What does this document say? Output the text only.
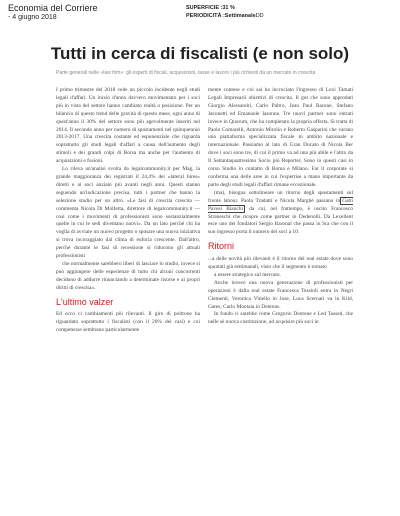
Economia del Corriere
- 4 giugno 2018
SUPERFICIE :31 %
PERIODICITÀ :SettimanaleDD
Tutti in cerca di fiscalisti (e non solo)
Parte generali nelle «law firm»: gli esperti di fiscali, acquisizioni, tasse e lavoro i più richiesti da un mercato in crescita

I primo trimestre del 2018 vede un piccolo incidente negli studi legali d'affari. Un inizio d'anno davvero movimentato per i soci più in vista del settore hanno cambiato realtà o posizione. Per un bilancio di questo trend delle gravità di questo mese, ogni anno di quest'anno il 30% del settore sono più agevolmente inseriti nel 2014. Il secondo anno per numero di spostamenti nel quinquennio 2013-2017. Una crescita costante ed esponenziale che riguarda soprattutto gli studi legali d'affari a causa dell'aumento degli stimoli e dei grandi colpi di Borsa ma anche per l'aumento di acquisizioni e fusioni.

Lo rileva un'analisi svolta da legalcommunity.it per Mag, la grande maggioranza dei registrati il 24,4% dei «lateral hires» diretti e ai soci anziani più avanti negli anni. Questi stanno seguendo un'indicazione precisa, tutti i partner che hanno la selezione studio per un altro. «Le fasi di crescita crescita — commenta Nicola Di Molfetta, direttore di legalcommunity.it — così come i movimenti di professionisti sono sostanzialmente quelle in cui le sedi diventano nuovi». Da un lato perché chi ha voglia di avviare un nuovo progetto o sposare una nuova iniziativa si trova incoraggiato dal clima di euforia crescente. Dall'altro, perché durante le fasi di recessione si riducono gli attuali professionisti

che normalmente sarebbero liberi di lasciare lo studio, invece si può aggiungere delle esperienze di tutto chi alcuni concorrenti decidono di addurre rinunciando a determinate risorse e ai propri diritti di crescita».

L'ultimo valzer

Ed ecco ci cambiamenti più rilevanti. Il giro di poltrone ha riguardato soprattutto i fiscalisti (con il 20% dei casi) e coi competenze sembrano particolarmente

mente contese e coi sai ha incrociato l'ingresso di Lexi Tamati Legali Impresarii obiettivi di crescita. Il gut che sono approdati Giorgio Alessandri, Carlo Paltro, Jean Paul Barone, Stefano Jaconetti ed Emanuele Iasonne. Tre nuovi partner sono entrati invece in Quorum, che ha completato la propria offerta. Sì tratta di Paolo Comarelli, Antonio Mirolio e Roberto Gasparini che varano una piattaforma specializzata fiscale in ambito nazionale e internazionale. Passiamo al lato di Gran Ducato di Nicola Ber dove i soci sono tre, di cui il primo va ad una più abile e l'altro da Il Settantaquattresimo Socio più Reporter, Sono in questi casi in corso Studio in contatto di Roma e Milano. Far il corporate si conferma una delle aree in cui l'expertise a mano importante da parte degli studi legali d'affari rimane eccezionale.

(ma), bisogna sottolineare un ritorno degli spostamenti sul fronte labour. Paola Tradatti e Nicola Marghè passano in Gatti Pavesi Bianchi da cui, nel frattempo, è uscito Francesco Straneschi che ricopre come partner in Dedenolli. Da Lexellent esce uno dei fondatori Sergio Baronal che passa in Sra che con il suo ingresso porta il numero dei soci a 10.

Ritorni

...a delle novità più rilevanti è il ritorno del real estate dove sono spuntati già settimanali, visto che il segmento è tornato

a essere strategico sul mercato.

Anche invece una nuova generazione di professionisti per operazioni è dalla real estate Francesca Tessioli entra in Negri Clementi, Veronica Vitiello in Jose, Luca Scernari va in Kild, Gates; Carlo Montaia in Dentons.

In fondo ci sarebbe come Gregorio Dentone e Led Tassed, che nelle sè nuova costituzione, ad acquisire più soci in
